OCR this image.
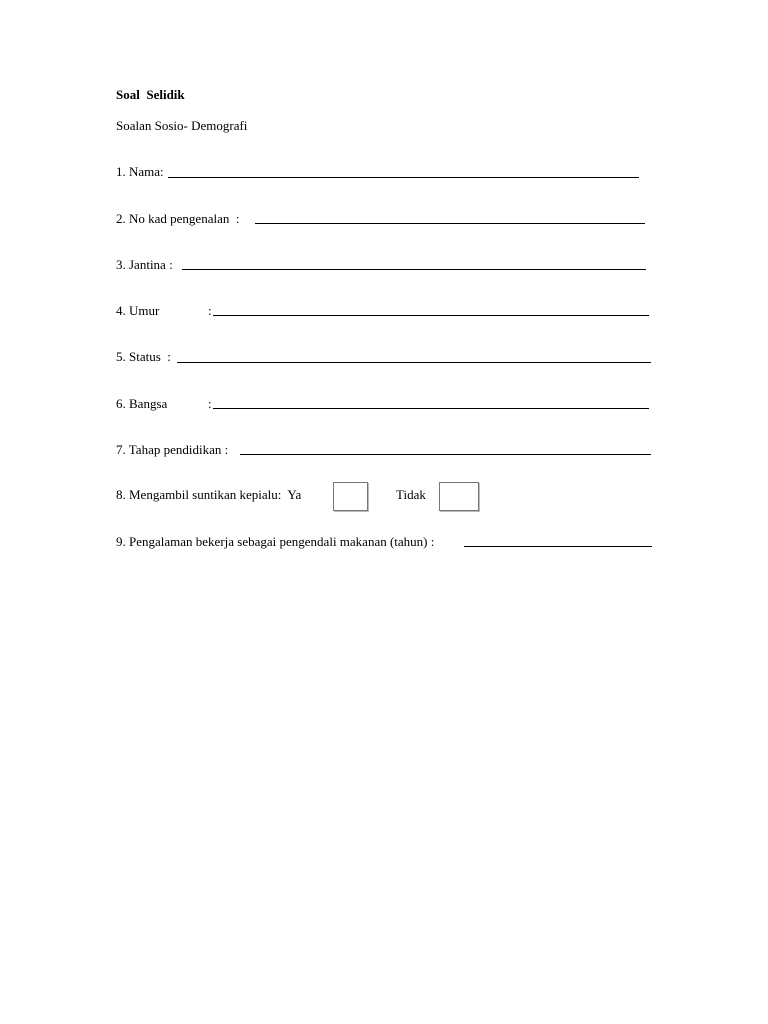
Soal  Selidik
Soalan Sosio- Demografi
1. Nama:
2. No kad pengenalan  :
3. Jantina :
4. Umur	:
5. Status  :
6. Bangsa	:
7. Tahap pendidikan :
8. Mengambil suntikan kepialu:  Ya	Tidak
9. Pengalaman bekerja sebagai pengendali makanan (tahun) :
